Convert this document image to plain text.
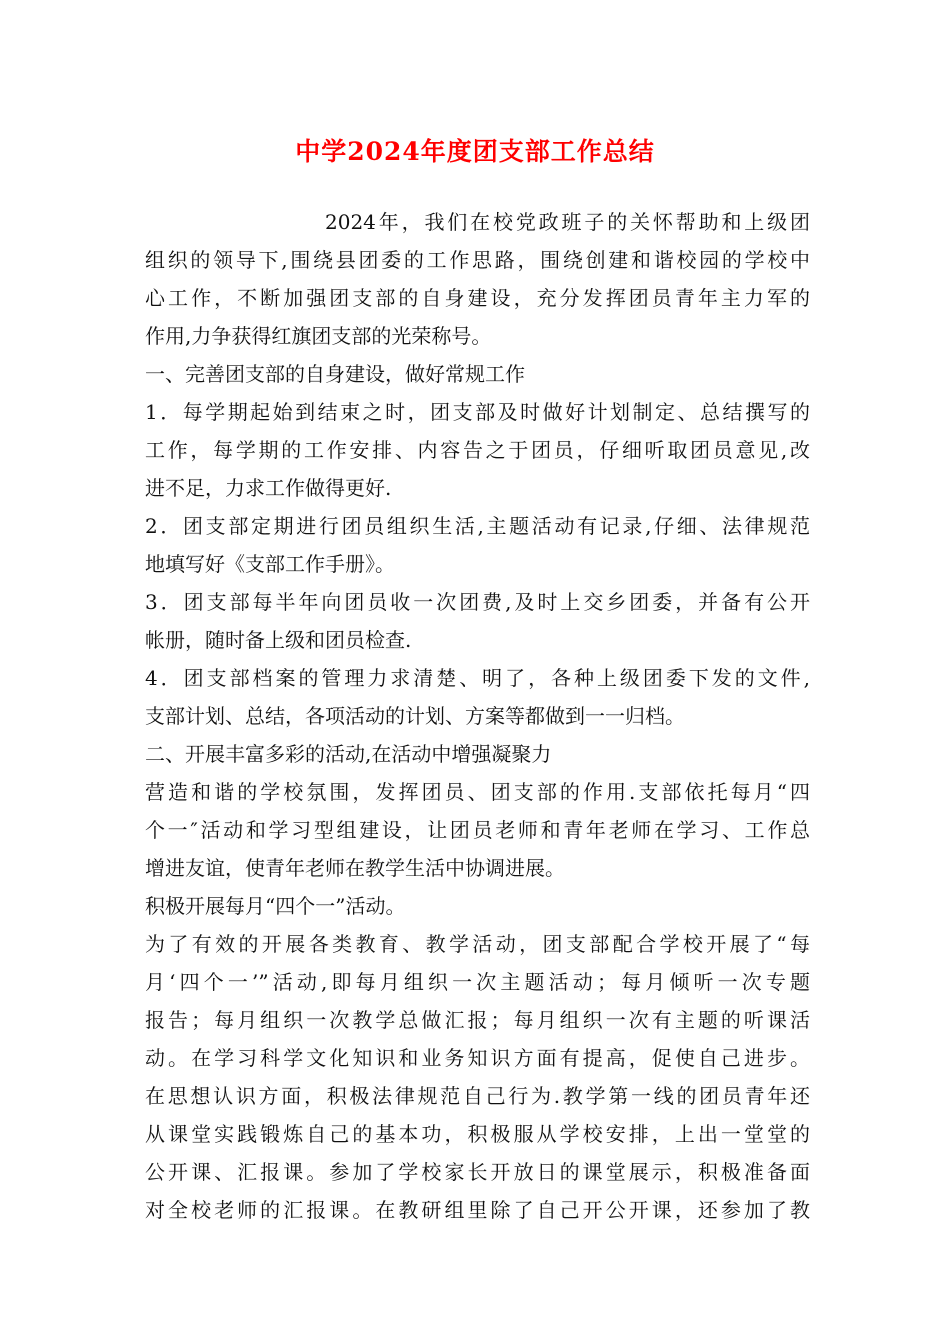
中学2024年度团支部工作总结
2024年，我们在校党政班子的关怀帮助和上级团
组织的领导下,围绕县团委的工作思路，围绕创建和谐校园的学校中
心工作，不断加强团支部的自身建设，充分发挥团员青年主力军的
作用,力争获得红旗团支部的光荣称号。
一、完善团支部的自身建设，做好常规工作
1．每学期起始到结束之时，团支部及时做好计划制定、总结撰写的
工作，每学期的工作安排、内容告之于团员，仔细听取团员意见,改
进不足，力求工作做得更好.
2．团支部定期进行团员组织生活,主题活动有记录,仔细、法律规范
地填写好《支部工作手册》。
3．团支部每半年向团员收一次团费,及时上交乡团委，并备有公开
帐册，随时备上级和团员检查.
4．团支部档案的管理力求清楚、明了，各种上级团委下发的文件,
支部计划、总结，各项活动的计划、方案等都做到一一归档。
二、开展丰富多彩的活动,在活动中增强凝聚力
营造和谐的学校氛围，发挥团员、团支部的作用.支部依托每月“四
个一″活动和学习型组建设，让团员老师和青年老师在学习、工作总
增进友谊，使青年老师在教学生活中协调进展。
积极开展每月“四个一”活动。
为了有效的开展各类教育、教学活动，团支部配合学校开展了“每
月‘四个一’”活动,即每月组织一次主题活动；每月倾听一次专题
报告；每月组织一次教学总做汇报；每月组织一次有主题的听课活
动。在学习科学文化知识和业务知识方面有提高，促使自己进步。
在思想认识方面，积极法律规范自己行为.教学第一线的团员青年还
从课堂实践锻炼自己的基本功，积极服从学校安排，上出一堂堂的
公开课、汇报课。参加了学校家长开放日的课堂展示，积极准备面
对全校老师的汇报课。在教研组里除了自己开公开课，还参加了教
